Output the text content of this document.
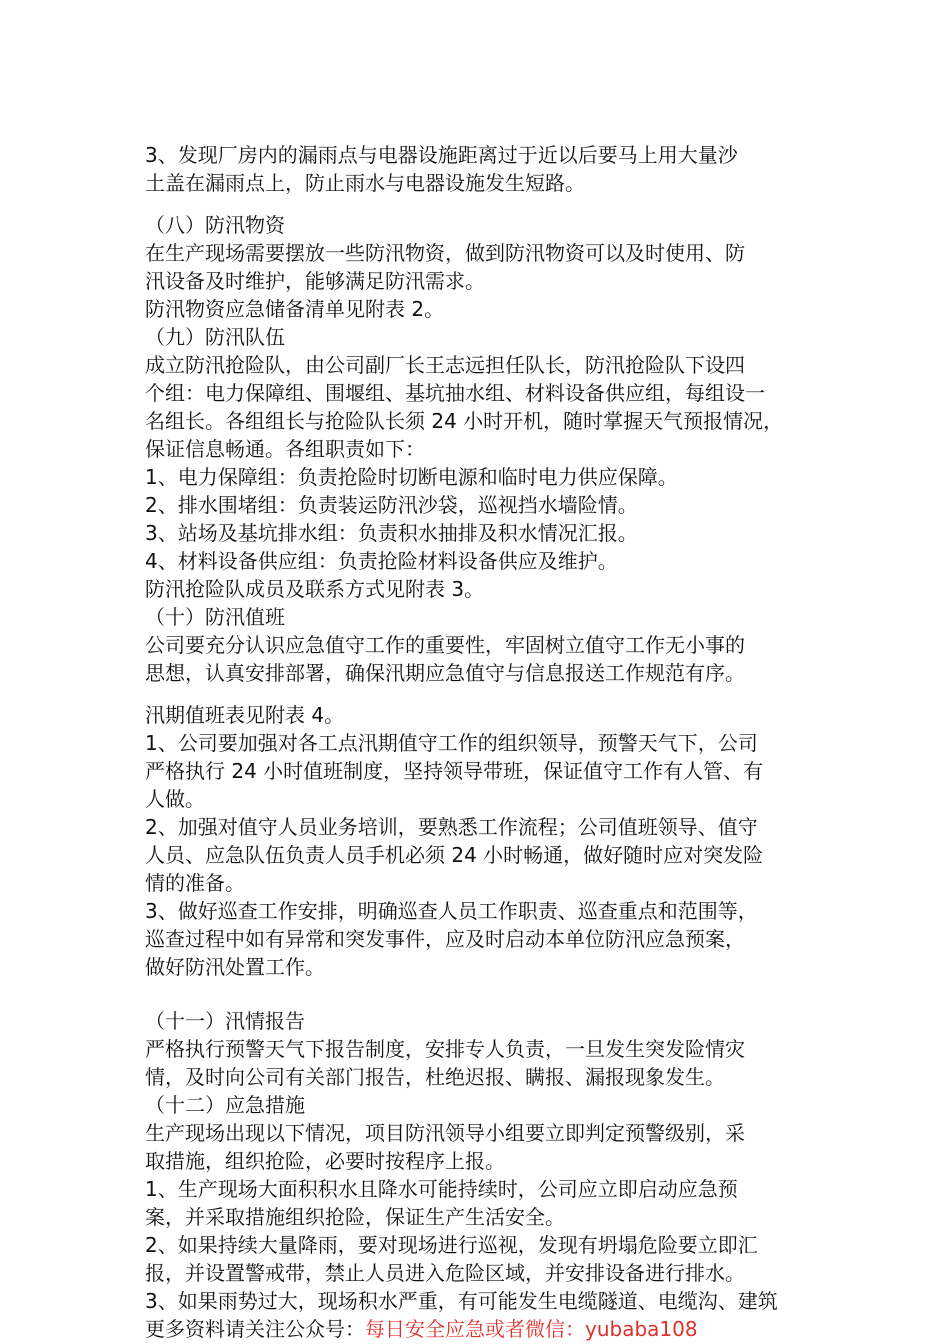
3、发现厂房内的漏雨点与电器设施距离过于近以后要马上用大量沙
土盖在漏雨点上，防止雨水与电器设施发生短路。
（八）防汛物资
在生产现场需要摆放一些防汛物资，做到防汛物资可以及时使用、防
汛设备及时维护，能够满足防汛需求。
防汛物资应急储备清单见附表 2。
（九）防汛队伍
成立防汛抢险队，由公司副厂长王志远担任队长，防汛抢险队下设四
个组：电力保障组、围堰组、基坑抽水组、材料设备供应组，每组设一
名组长。各组组长与抢险队长须 24 小时开机，随时掌握天气预报情况，
保证信息畅通。各组职责如下：
1、电力保障组：负责抢险时切断电源和临时电力供应保障。
2、排水围堵组：负责装运防汛沙袋，巡视挡水墙险情。
3、站场及基坑排水组：负责积水抽排及积水情况汇报。
4、材料设备供应组：负责抢险材料设备供应及维护。
防汛抢险队成员及联系方式见附表 3。
（十）防汛值班
公司要充分认识应急值守工作的重要性，牢固树立值守工作无小事的
思想，认真安排部署，确保汛期应急值守与信息报送工作规范有序。
汛期值班表见附表 4。
1、公司要加强对各工点汛期值守工作的组织领导，预警天气下，公司
严格执行 24 小时值班制度，坚持领导带班，保证值守工作有人管、有
人做。
2、加强对值守人员业务培训，要熟悉工作流程；公司值班领导、值守
人员、应急队伍负责人员手机必须 24 小时畅通，做好随时应对突发险
情的准备。
3、做好巡查工作安排，明确巡查人员工作职责、巡查重点和范围等，
巡查过程中如有异常和突发事件，应及时启动本单位防汛应急预案，
做好防汛处置工作。
（十一）汛情报告
严格执行预警天气下报告制度，安排专人负责，一旦发生突发险情灾
情，及时向公司有关部门报告，杜绝迟报、瞒报、漏报现象发生。
（十二）应急措施
生产现场出现以下情况，项目防汛领导小组要立即判定预警级别，采
取措施，组织抢险，必要时按程序上报。
1、生产现场大面积积水且降水可能持续时，公司应立即启动应急预
案，并采取措施组织抢险，保证生产生活安全。
2、如果持续大量降雨，要对现场进行巡视，发现有坍塌危险要立即汇
报，并设置警戒带，禁止人员进入危险区域，并安排设备进行排水。
3、如果雨势过大，现场积水严重，有可能发生电缆隧道、电缆沟、建筑
更多资料请关注公众号：每日安全应急或者微信：yubaba108
